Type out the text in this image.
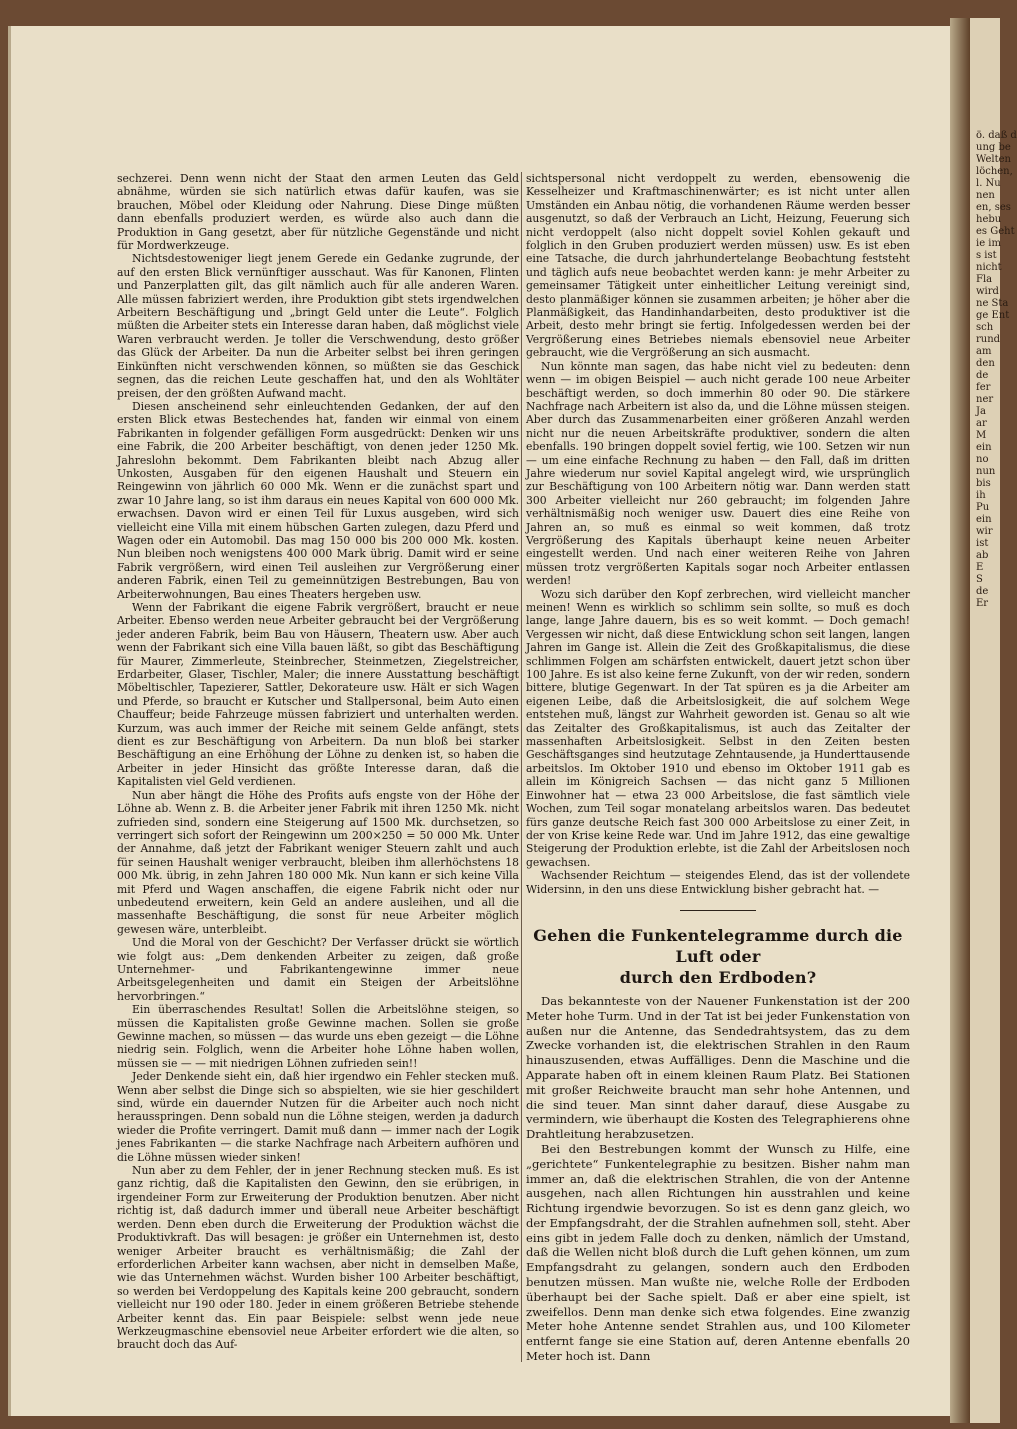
sechzerei. Denn wenn nicht der Staat den armen Leuten das Geld abnähme, würden sie sich natürlich etwas dafür kaufen, was sie brauchen, Möbel oder Kleidung oder Nahrung. Diese Dinge müßten dann ebenfalls produziert werden, es würde also auch dann die Produktion in Gang gesetzt, aber für nützliche Gegenstände und nicht für Mordwerkzeuge.

Nichtsdestoweniger liegt jenem Gerede ein Gedanke zugrunde, der auf den ersten Blick vernünftiger ausschaut. Was für Kanonen, Flinten und Panzerplatten gilt, das gilt nämlich auch für alle anderen Waren. Alle müssen fabriziert werden, ihre Produktion gibt stets irgendwelchen Arbeitern Beschäftigung und „bringt Geld unter die Leute“. Folglich müßten die Arbeiter stets ein Interesse daran haben, daß möglichst viele Waren verbraucht werden. Je toller die Verschwendung, desto größer das Glück der Arbeiter. Da nun die Arbeiter selbst bei ihren geringen Einkünften nicht verschwenden können, so müßten sie das Geschick segnen, das die reichen Leute geschaffen hat, und den als Wohltäter preisen, der den größten Aufwand macht.

Diesen anscheinend sehr einleuchtenden Gedanken, der auf den ersten Blick etwas Bestechendes hat, fanden wir einmal von einem Fabrikanten in folgender gefälligen Form ausgedrückt: Denken wir uns eine Fabrik, die 200 Arbeiter beschäftigt, von denen jeder 1250 Mk. Jahreslohn bekommt. Dem Fabrikanten bleibt nach Abzug aller Unkosten, Ausgaben für den eigenen Haushalt und Steuern ein Reingewinn von jährlich 60 000 Mk. Wenn er die zunächst spart und zwar 10 Jahre lang, so ist ihm daraus ein neues Kapital von 600 000 Mk. erwachsen. Davon wird er einen Teil für Luxus ausgeben, wird sich vielleicht eine Villa mit einem hübschen Garten zulegen, dazu Pferd und Wagen oder ein Automobil. Das mag 150 000 bis 200 000 Mk. kosten. Nun bleiben noch wenigstens 400 000 Mark übrig. Damit wird er seine Fabrik vergrößern, wird einen Teil ausleihen zur Vergrößerung einer anderen Fabrik, einen Teil zu gemeinnützigen Bestrebungen, Bau von Arbeiterwohnungen, Bau eines Theaters hergeben usw.

Wenn der Fabrikant die eigene Fabrik vergrößert, braucht er neue Arbeiter. Ebenso werden neue Arbeiter gebraucht bei der Vergrößerung jeder anderen Fabrik, beim Bau von Häusern, Theatern usw. Aber auch wenn der Fabrikant sich eine Villa bauen läßt, so gibt das Beschäftigung für Maurer, Zimmerleute, Steinbrecher, Steinmetzen, Ziegelstreicher, Erdarbeiter, Glaser, Tischler, Maler; die innere Ausstattung beschäftigt Möbeltischler, Tapezierer, Sattler, Dekorateure usw. Hält er sich Wagen und Pferde, so braucht er Kutscher und Stallpersonal, beim Auto einen Chauffeur; beide Fahrzeuge müssen fabriziert und unterhalten werden. Kurzum, was auch immer der Reiche mit seinem Gelde anfängt, stets dient es zur Beschäftigung von Arbeitern. Da nun bloß bei starker Beschäftigung an eine Erhöhung der Löhne zu denken ist, so haben die Arbeiter in jeder Hinsicht das größte Interesse daran, daß die Kapitalisten viel Geld verdienen.

Nun aber hängt die Höhe des Profits aufs engste von der Höhe der Löhne ab. Wenn z. B. die Arbeiter jener Fabrik mit ihren 1250 Mk. nicht zufrieden sind, sondern eine Steigerung auf 1500 Mk. durchsetzen, so verringert sich sofort der Reingewinn um 200×250 = 50 000 Mk. Unter der Annahme, daß jetzt der Fabrikant weniger Steuern zahlt und auch für seinen Haushalt weniger verbraucht, bleiben ihm allerhöchstens 18 000 Mk. übrig, in zehn Jahren 180 000 Mk. Nun kann er sich keine Villa mit Pferd und Wagen anschaffen, die eigene Fabrik nicht oder nur unbedeutend erweitern, kein Geld an andere ausleihen, und all die massenhafte Beschäftigung, die sonst für neue Arbeiter möglich gewesen wäre, unterbleibt.

Und die Moral von der Geschicht? Der Verfasser drückt sie wörtlich wie folgt aus: „Dem denkenden Arbeiter zu zeigen, daß große Unternehmer- und Fabrikantengewinne immer neue Arbeitsgelegenheiten und damit ein Steigen der Arbeitslöhne hervorbringen.“

Ein überraschendes Resultat! Sollen die Arbeitslöhne steigen, so müssen die Kapitalisten große Gewinne machen. Sollen sie große Gewinne machen, so müssen — das wurde uns eben gezeigt — die Löhne niedrig sein. Folglich, wenn die Arbeiter hohe Löhne haben wollen, müssen sie — — mit niedrigen Löhnen zufrieden sein!!

Jeder Denkende sieht ein, daß hier irgendwo ein Fehler stecken muß. Wenn aber selbst die Dinge sich so abspielten, wie sie hier geschildert sind, würde ein dauernder Nutzen für die Arbeiter auch noch nicht herausspringen. Denn sobald nun die Löhne steigen, werden ja dadurch wieder die Profite verringert. Damit muß dann — immer nach der Logik jenes Fabrikanten — die starke Nachfrage nach Arbeitern aufhören und die Löhne müssen wieder sinken!

Nun aber zu dem Fehler, der in jener Rechnung stecken muß. Es ist ganz richtig, daß die Kapitalisten den Gewinn, den sie erübrigen, in irgendeiner Form zur Erweiterung der Produktion benutzen. Aber nicht richtig ist, daß dadurch immer und überall neue Arbeiter beschäftigt werden. Denn eben durch die Erweiterung der Produktion wächst die Produktivkraft. Das will besagen: je größer ein Unternehmen ist, desto weniger Arbeiter braucht es verhältnismäßig; die Zahl der erforderlichen Arbeiter kann wachsen, aber nicht in demselben Maße, wie das Unternehmen wächst. Wurden bisher 100 Arbeiter beschäftigt, so werden bei Verdoppelung des Kapitals keine 200 gebraucht, sondern vielleicht nur 190 oder 180. Jeder in einem größeren Betriebe stehende Arbeiter kennt das. Ein paar Beispiele: selbst wenn jede neue Werkzeugmaschine ebensoviel neue Arbeiter erfordert wie die alten, so braucht doch das Auf-

sichtspersonal nicht verdoppelt zu werden, ebensowenig die Kesselheizer und Kraftmaschinenwärter; es ist nicht unter allen Umständen ein Anbau nötig, die vorhandenen Räume werden besser ausgenutzt, so daß der Verbrauch an Licht, Heizung, Feuerung sich nicht verdoppelt (also nicht doppelt soviel Kohlen gekauft und folglich in den Gruben produziert werden müssen) usw. Es ist eben eine Tatsache, die durch jahrhundertelange Beobachtung feststeht und täglich aufs neue beobachtet werden kann: je mehr Arbeiter zu gemeinsamer Tätigkeit unter einheitlicher Leitung vereinigt sind, desto planmäßiger können sie zusammen arbeiten; je höher aber die Planmäßigkeit, das Handinhandarbeiten, desto produktiver ist die Arbeit, desto mehr bringt sie fertig. Infolgedessen werden bei der Vergrößerung eines Betriebes niemals ebensoviel neue Arbeiter gebraucht, wie die Vergrößerung an sich ausmacht.

Nun könnte man sagen, das habe nicht viel zu bedeuten: denn wenn — im obigen Beispiel — auch nicht gerade 100 neue Arbeiter beschäftigt werden, so doch immerhin 80 oder 90. Die stärkere Nachfrage nach Arbeitern ist also da, und die Löhne müssen steigen. Aber durch das Zusammenarbeiten einer größeren Anzahl werden nicht nur die neuen Arbeitskräfte produktiver, sondern die alten ebenfalls. 190 bringen doppelt soviel fertig, wie 100. Setzen wir nun — um eine einfache Rechnung zu haben — den Fall, daß im dritten Jahre wiederum nur soviel Kapital angelegt wird, wie ursprünglich zur Beschäftigung von 100 Arbeitern nötig war. Dann werden statt 300 Arbeiter vielleicht nur 260 gebraucht; im folgenden Jahre verhältnismäßig noch weniger usw. Dauert dies eine Reihe von Jahren an, so muß es einmal so weit kommen, daß trotz Vergrößerung des Kapitals überhaupt keine neuen Arbeiter eingestellt werden. Und nach einer weiteren Reihe von Jahren müssen trotz vergrößerten Kapitals sogar noch Arbeiter entlassen werden!

Wozu sich darüber den Kopf zerbrechen, wird vielleicht mancher meinen! Wenn es wirklich so schlimm sein sollte, so muß es doch lange, lange Jahre dauern, bis es so weit kommt. — Doch gemach! Vergessen wir nicht, daß diese Entwicklung schon seit langen, langen Jahren im Gange ist. Allein die Zeit des Großkapitalismus, die diese schlimmen Folgen am schärfsten entwickelt, dauert jetzt schon über 100 Jahre. Es ist also keine ferne Zukunft, von der wir reden, sondern bittere, blutige Gegenwart. In der Tat spüren es ja die Arbeiter am eigenen Leibe, daß die Arbeitslosigkeit, die auf solchem Wege entstehen muß, längst zur Wahrheit geworden ist. Genau so alt wie das Zeitalter des Großkapitalismus, ist auch das Zeitalter der massenhaften Arbeitslosigkeit. Selbst in den Zeiten besten Geschäftsganges sind heutzutage Zehntausende, ja Hunderttausende arbeitslos. Im Oktober 1910 und ebenso im Oktober 1911 gab es allein im Königreich Sachsen — das nicht ganz 5 Millionen Einwohner hat — etwa 23 000 Arbeitslose, die fast sämtlich viele Wochen, zum Teil sogar monatelang arbeitslos waren. Das bedeutet fürs ganze deutsche Reich fast 300 000 Arbeitslose zu einer Zeit, in der von Krise keine Rede war. Und im Jahre 1912, das eine gewaltige Steigerung der Produktion erlebte, ist die Zahl der Arbeitslosen noch gewachsen.

Wachsender Reichtum — steigendes Elend, das ist der vollendete Widersinn, in den uns diese Entwicklung bisher gebracht hat. —

Gehen die Funkentelegramme durch die Luft oder
durch den Erdboden?

Das bekannteste von der Nauener Funkenstation ist der 200 Meter hohe Turm. Und in der Tat ist bei jeder Funkenstation von außen nur die Antenne, das Sendedrahtsystem, das zu dem Zwecke vorhanden ist, die elektrischen Strahlen in den Raum hinauszusenden, etwas Auffälliges. Denn die Maschine und die Apparate haben oft in einem kleinen Raum Platz. Bei Stationen mit großer Reichweite braucht man sehr hohe Antennen, und die sind teuer. Man sinnt daher darauf, diese Ausgabe zu vermindern, wie überhaupt die Kosten des Telegraphierens ohne Drahtleitung herabzusetzen.

Bei den Bestrebungen kommt der Wunsch zu Hilfe, eine „gerichtete“ Funkentelegraphie zu besitzen. Bisher nahm man immer an, daß die elektrischen Strahlen, die von der Antenne ausgehen, nach allen Richtungen hin ausstrahlen und keine Richtung irgendwie bevorzugen. So ist es denn ganz gleich, wo der Empfangsdraht, der die Strahlen aufnehmen soll, steht. Aber eins gibt in jedem Falle doch zu denken, nämlich der Umstand, daß die Wellen nicht bloß durch die Luft gehen können, um zum Empfangsdraht zu gelangen, sondern auch den Erdboden benutzen müssen. Man wußte nie, welche Rolle der Erdboden überhaupt bei der Sache spielt. Daß er aber eine spielt, ist zweifellos. Denn man denke sich etwa folgendes. Eine zwanzig Meter hohe Antenne sendet Strahlen aus, und 100 Kilometer entfernt fange sie eine Station auf, deren Antenne ebenfalls 20 Meter hoch ist. Dann

ö. daß d
ung be
Welten
löchen,
l. Nu
nen
en, ses
hebu
es Geht
ie im
s ist
nicht
Fla
wird
ne Sta
ge Ent
sch
rund
am
den
de
fer
ner
Ja
ar
M
ein
no
nun
bis
ih
Pu
ein
wir
ist
ab
E
S
de
Er
